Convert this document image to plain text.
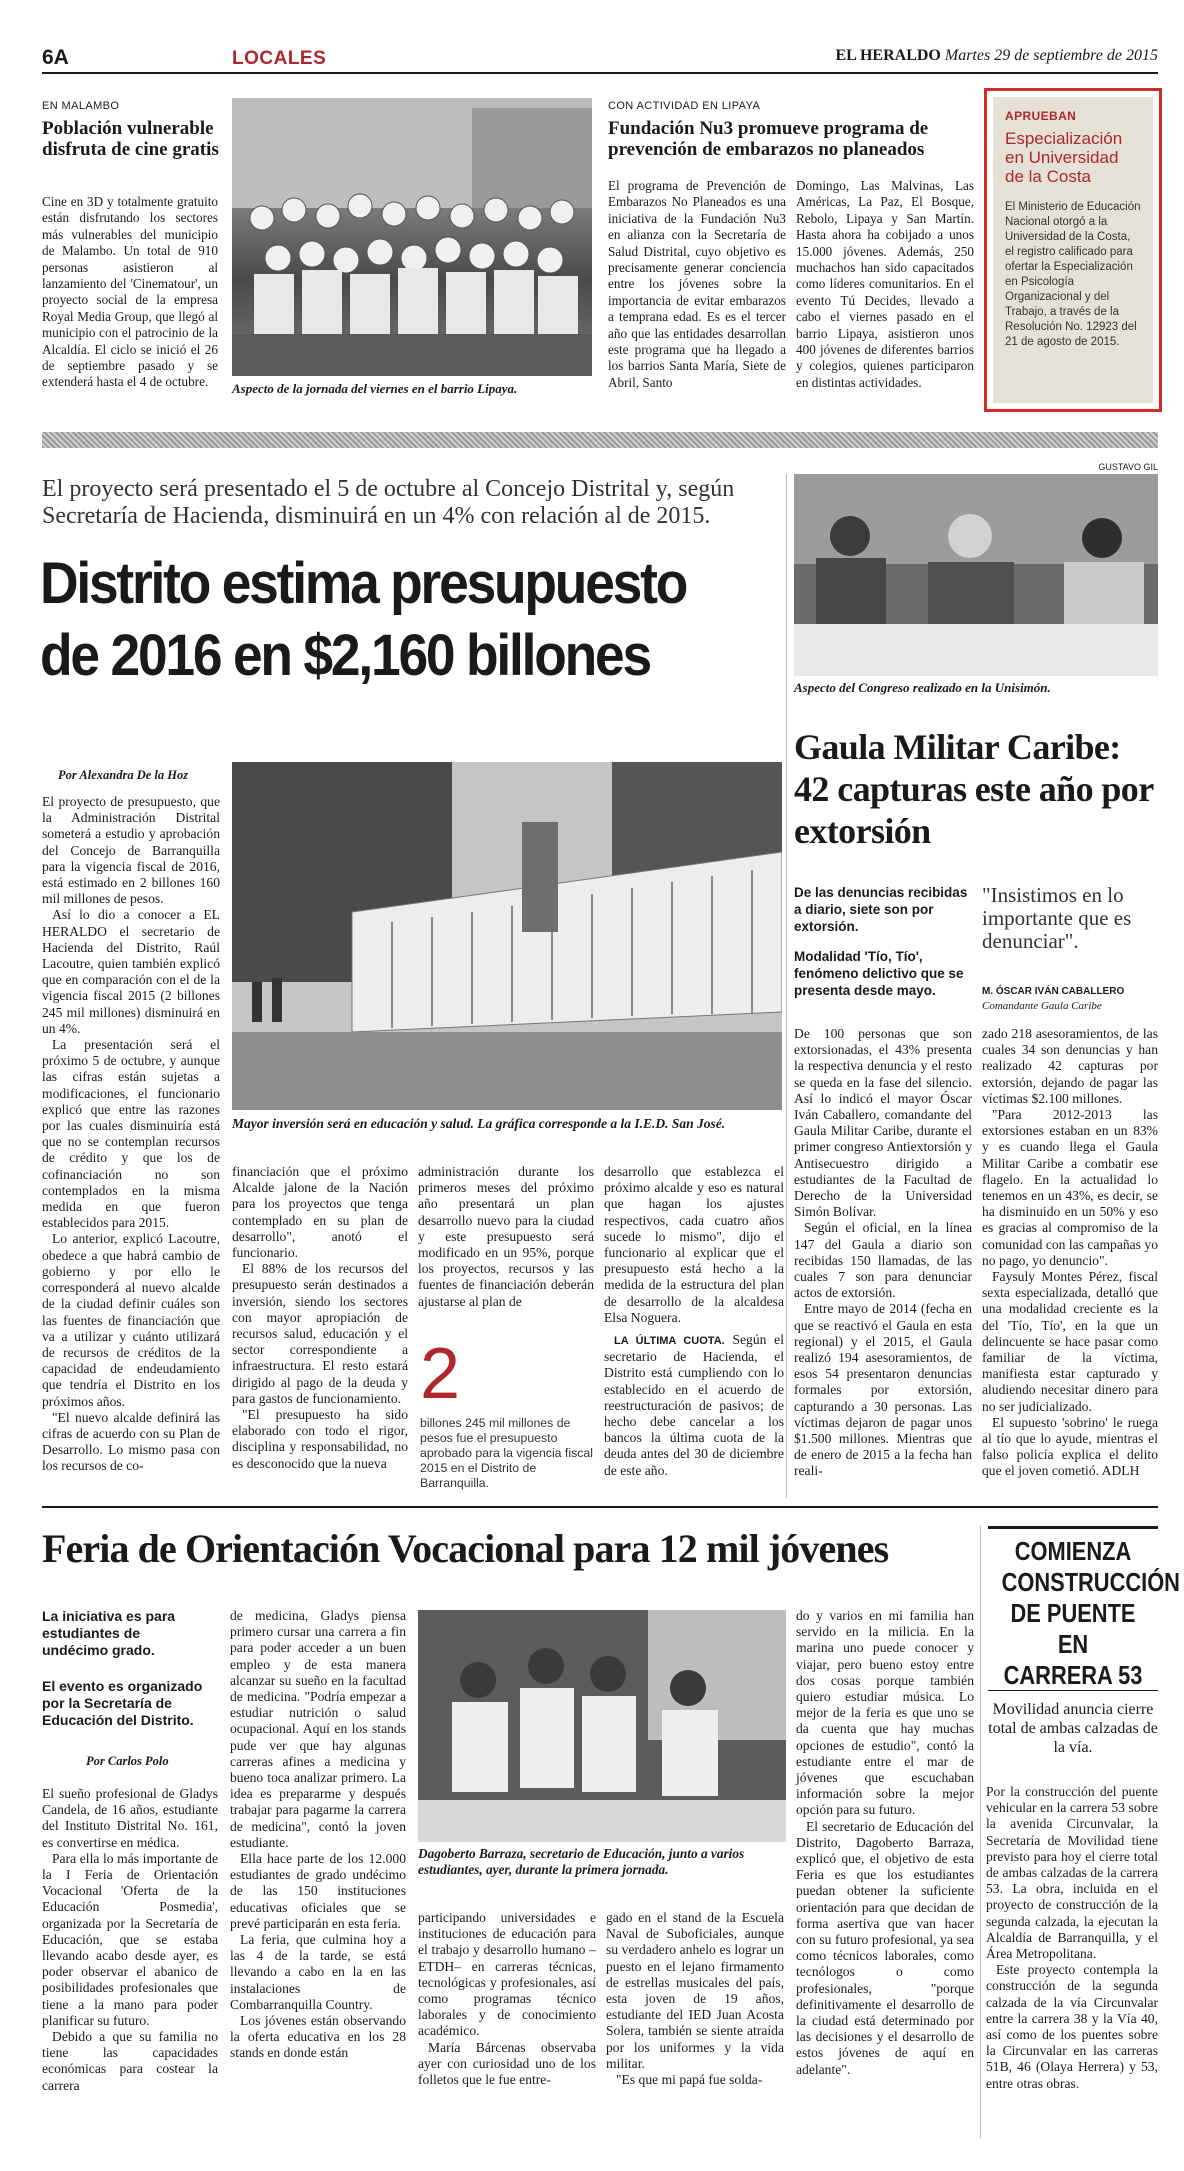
6A	LOCALES	EL HERALDO Martes 29 de septiembre de 2015
EN MALAMBO
Población vulnerable disfruta de cine gratis

Cine en 3D y totalmente gratuito están disfrutando los sectores más vulnerables del municipio de Malambo. Un total de 910 personas asistieron al lanzamiento del 'Cinematour', un proyecto social de la empresa Royal Media Group, que llegó al municipio con el patrocinio de la Alcaldía. El ciclo se inició el 26 de septiembre pasado y se extenderá hasta el 4 de octubre.	Aspecto de la jornada del viernes en el barrio Lipaya.
CON ACTIVIDAD EN LIPAYA
Fundación Nu3 promueve programa de prevención de embarazos no planeados

El programa de Prevención de Embarazos No Planeados es una iniciativa de la Fundación Nu3 en alianza con la Secretaría de Salud Distrital, cuyo objetivo es precisamente generar conciencia entre los jóvenes sobre la importancia de evitar embarazos a temprana edad. Es es el tercer año que las entidades desarrollan este programa que ha llegado a los barrios Santa María, Siete de Abril, Santo

Domingo, Las Malvinas, Las Américas, La Paz, El Bosque, Rebolo, Lipaya y San Martín. Hasta ahora ha cobijado a unos 15.000 jóvenes. Además, 250 muchachos han sido capacitados como líderes comunitarios. En el evento Tú Decides, llevado a cabo el viernes pasado en el barrio Lipaya, asistieron unos 400 jóvenes de diferentes barrios y colegios, quienes participaron en distintas actividades.

APRUEBAN
Especialización en Universidad de la Costa
El Ministerio de Educación Nacional otorgó a la Universidad de la Costa, el registro calificado para ofertar la Especialización en Psicología Organizacional y del Trabajo, a través de la Resolución No. 12923 del 21 de agosto de 2015.
El proyecto será presentado el 5 de octubre al Concejo Distrital y, según Secretaría de Hacienda, disminuirá en un 4% con relación al de 2015.
Distrito estima presupuesto de 2016 en $2,160 billones
Por Alexandra De la Hoz

El proyecto de presupuesto, que la Administración Distrital someterá a estudio y aprobación del Concejo de Barranquilla para la vigencia fiscal de 2016, está estimado en 2 billones 160 mil millones de pesos.

Así lo dio a conocer a EL HERALDO el secretario de Hacienda del Distrito, Raúl Lacoutre, quien también explicó que en comparación con el de la vigencia fiscal 2015 (2 billones 245 mil millones) disminuirá en un 4%.

La presentación será el próximo 5 de octubre, y aunque las cifras están sujetas a modificaciones, el funcionario explicó que entre las razones por las cuales disminuiría está que no se contemplan recursos de crédito y que los de cofinanciación no son contemplados en la misma medida en que fueron establecidos para 2015.

Lo anterior, explicó Lacoutre, obedece a que habrá cambio de gobierno y por ello le corresponderá al nuevo alcalde de la ciudad definir cuáles son las fuentes de financiación que va a utilizar y cuánto utilizará de recursos de créditos de la capacidad de endeudamiento que tendría el Distrito en los próximos años.

"El nuevo alcalde definirá las cifras de acuerdo con su Plan de Desarrollo. Lo mismo pasa con los recursos de co-

Mayor inversión será en educación y salud. La gráfica corresponde a la I.E.D. San José.

financiación que el próximo Alcalde jalone de la Nación para los proyectos que tenga contemplado en su plan de desarrollo", anotó el funcionario.

El 88% de los recursos del presupuesto serán destinados a inversión, siendo los sectores con mayor apropiación de recursos salud, educación y el sector correspondiente a infraestructura. El resto estará dirigido al pago de la deuda y para gastos de funcionamiento.

"El presupuesto ha sido elaborado con todo el rigor, disciplina y responsabilidad, no es desconocido que la nueva

administración durante los primeros meses del próximo año presentará un plan desarrollo nuevo para la ciudad y este presupuesto será modificado en un 95%, porque los proyectos, recursos y las fuentes de financiación deberán ajustarse al plan de

2
billones 245 mil millones de pesos fue el presupuesto aprobado para la vigencia fiscal 2015 en el Distrito de Barranquilla.

desarrollo que establezca el próximo alcalde y eso es natural que hagan los ajustes respectivos, cada cuatro años sucede lo mismo", dijo el funcionario al explicar que el presupuesto está hecho a la medida de la estructura del plan de desarrollo de la alcaldesa Elsa Noguera.

LA ÚLTIMA CUOTA. Según el secretario de Hacienda, el Distrito está cumpliendo con lo establecido en el acuerdo de reestructuración de pasivos; de hecho debe cancelar a los bancos la última cuota de la deuda antes del 30 de diciembre de este año.

GUSTAVO GIL
Aspecto del Congreso realizado en la Unisimón.
Gaula Militar Caribe: 42 capturas este año por extorsión
De las denuncias recibidas a diario, siete son por extorsión.
Modalidad 'Tío, Tío', fenómeno delictivo que se presenta desde mayo.
"Insistimos en lo importante que es denunciar".
M. ÓSCAR IVÁN CABALLERO
Comandante Gaula Caribe

De 100 personas que son extorsionadas, el 43% presenta la respectiva denuncia y el resto se queda en la fase del silencio. Así lo indicó el mayor Óscar Iván Caballero, comandante del Gaula Militar Caribe, durante el primer congreso Antiextorsión y Antisecuestro dirigido a estudiantes de la Facultad de Derecho de la Universidad Simón Bolívar.

Según el oficial, en la línea 147 del Gaula a diario son recibidas 150 llamadas, de las cuales 7 son para denunciar actos de extorsión.

Entre mayo de 2014 (fecha en que se reactivó el Gaula en esta regional) y el 2015, el Gaula realizó 194 asesoramientos, de esos 54 presentaron denuncias formales por extorsión, capturando a 30 personas. Las víctimas dejaron de pagar unos $1.500 millones. Mientras que de enero de 2015 a la fecha han reali-

zado 218 asesoramientos, de las cuales 34 son denuncias y han realizado 42 capturas por extorsión, dejando de pagar las víctimas $2.100 millones.

"Para 2012-2013 las extorsiones estaban en un 83% y es cuando llega el Gaula Militar Caribe a combatir ese flagelo. En la actualidad lo tenemos en un 43%, es decir, se ha disminuido en un 50% y eso es gracias al compromiso de la comunidad con las campañas yo no pago, yo denuncio".

Faysuly Montes Pérez, fiscal sexta especializada, detalló que una modalidad creciente es la del 'Tío, Tío', en la que un delincuente se hace pasar como familiar de la víctima, manifiesta estar capturado y aludiendo necesitar dinero para no ser judicializado.

El supuesto 'sobrino' le ruega al tío que lo ayude, mientras el falso policía explica el delito que el joven cometió. ADLH

Feria de Orientación Vocacional para 12 mil jóvenes
La iniciativa es para estudiantes de undécimo grado.
El evento es organizado por la Secretaría de Educación del Distrito.
Por Carlos Polo

El sueño profesional de Gladys Candela, de 16 años, estudiante del Instituto Distrital No. 161, es convertirse en médica.

Para ella lo más importante de la I Feria de Orientación Vocacional 'Oferta de la Educación Posmedia', organizada por la Secretaría de Educación, que se estaba llevando acabo desde ayer, es poder observar el abanico de posibilidades profesionales que tiene a la mano para poder planificar su futuro.

Debido a que su familia no tiene las capacidades económicas para costear la carrera

de medicina, Gladys piensa primero cursar una carrera a fin para poder acceder a un buen empleo y de esta manera alcanzar su sueño en la facultad de medicina. "Podría empezar a estudiar nutrición o salud ocupacional. Aquí en los stands pude ver que hay algunas carreras afines a medicina y bueno toca analizar primero. La idea es prepararme y después trabajar para pagarme la carrera de medicina", contó la joven estudiante.

Ella hace parte de los 12.000 estudiantes de grado undécimo de las 150 instituciones educativas oficiales que se prevé participarán en esta feria.

La feria, que culmina hoy a las 4 de la tarde, se está llevando a cabo en la en las instalaciones de Combarranquilla Country.

Los jóvenes están observando la oferta educativa en los 28 stands en donde están

Dagoberto Barraza, secretario de Educación, junto a varios estudiantes, ayer, durante la primera jornada.

participando universidades e instituciones de educación para el trabajo y desarrollo humano –ETDH– en carreras técnicas, tecnológicas y profesionales, así como programas técnico laborales y de conocimiento académico.

María Bárcenas observaba ayer con curiosidad uno de los folletos que le fue entre-

gado en el stand de la Escuela Naval de Suboficiales, aunque su verdadero anhelo es lograr un puesto en el lejano firmamento de estrellas musicales del país, esta joven de 19 años, estudiante del IED Juan Acosta Solera, también se siente atraída por los uniformes y la vida militar.

"Es que mi papá fue solda-

do y varios en mi familia han servido en la milicia. En la marina uno puede conocer y viajar, pero bueno estoy entre dos cosas porque también quiero estudiar música. Lo mejor de la feria es que uno se da cuenta que hay muchas opciones de estudio", contó la estudiante entre el mar de jóvenes que escuchaban información sobre la mejor opción para su futuro.

El secretario de Educación del Distrito, Dagoberto Barraza, explicó que, el objetivo de esta Feria es que los estudiantes puedan obtener la suficiente orientación para que decidan de forma asertiva que van hacer con su futuro profesional, ya sea como técnicos laborales, como tecnólogos o como profesionales, "porque definitivamente el desarrollo de la ciudad está determinado por las decisiones y el desarrollo de estos jóvenes de aquí en adelante".

COMIENZA CONSTRUCCIÓN DE PUENTE EN CARRERA 53
Movilidad anuncia cierre total de ambas calzadas de la vía.

Por la construcción del puente vehicular en la carrera 53 sobre la avenida Circunvalar, la Secretaría de Movilidad tiene previsto para hoy el cierre total de ambas calzadas de la carrera 53. La obra, incluida en el proyecto de construcción de la segunda calzada, la ejecutan la Alcaldía de Barranquilla, y el Área Metropolitana.

Este proyecto contempla la construcción de la segunda calzada de la vía Circunvalar entre la carrera 38 y la Vía 40, así como de los puentes sobre la Circunvalar en las carreras 51B, 46 (Olaya Herrera) y 53, entre otras obras.
